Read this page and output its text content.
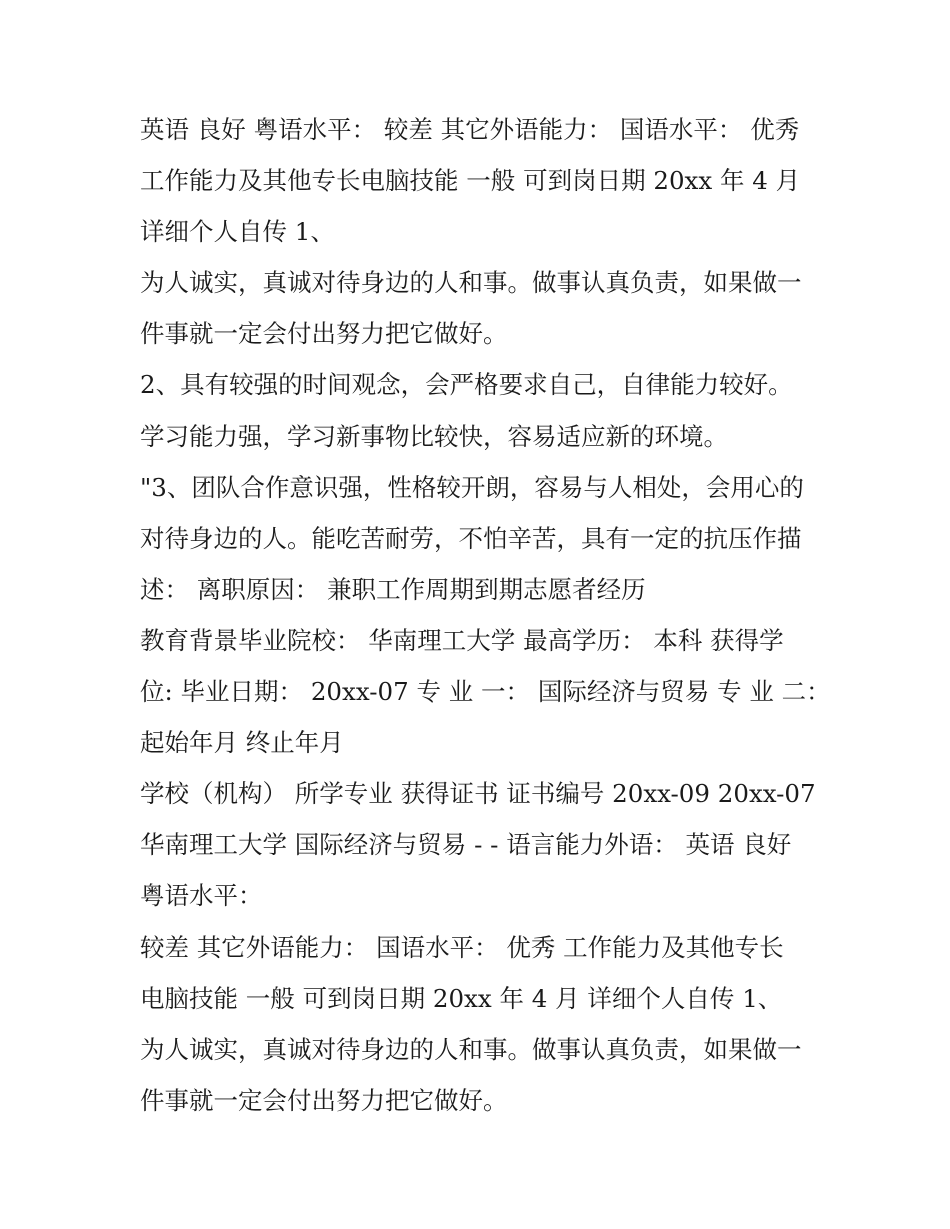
英语 良好 粤语水平： 较差 其它外语能力： 国语水平： 优秀
工作能力及其他专长电脑技能 一般 可到岗日期 20xx 年 4 月
详细个人自传 1、
为人诚实，真诚对待身边的人和事。做事认真负责，如果做一
件事就一定会付出努力把它做好。
2、具有较强的时间观念，会严格要求自己，自律能力较好。
学习能力强，学习新事物比较快，容易适应新的环境。
"3、团队合作意识强，性格较开朗，容易与人相处，会用心的
对待身边的人。能吃苦耐劳，不怕辛苦，具有一定的抗压作描
述： 离职原因： 兼职工作周期到期志愿者经历
教育背景毕业院校： 华南理工大学 最高学历： 本科 获得学
位: 毕业日期： 20xx-07 专 业 一： 国际经济与贸易 专 业 二：
起始年月 终止年月
学校（机构） 所学专业 获得证书 证书编号 20xx-09 20xx-07
华南理工大学 国际经济与贸易 - - 语言能力外语： 英语 良好
粤语水平：
较差 其它外语能力： 国语水平： 优秀 工作能力及其他专长
电脑技能 一般 可到岗日期 20xx 年 4 月 详细个人自传 1、
为人诚实，真诚对待身边的人和事。做事认真负责，如果做一
件事就一定会付出努力把它做好。
